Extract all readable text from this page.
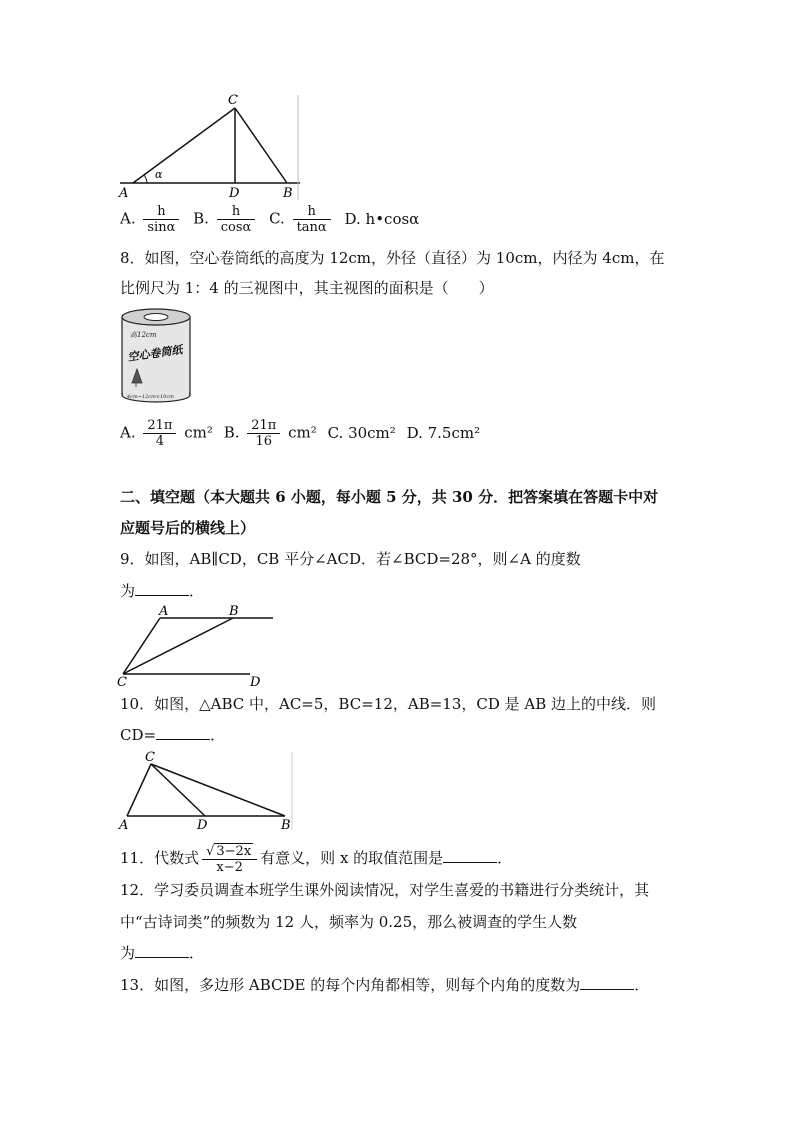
C
A	D	B
α
A. $\frac{h}{\sin\alpha} B$. $\frac{h}{\cos\alpha} C$. $\frac{h}{\tan\alpha} D$. h•cosα
8．如图，空心卷筒纸的高度为 12cm，外径（直径）为 10cm，内径为 4cm，在
比例尺为 1：4 的三视图中，其主视图的面积是（　　）
高12cm
空心卷筒纸
4cm~12cm×10cm
A. $\frac{21\pi}{4} cm^2$ B. $\frac{21\pi}{16} cm^2$ C. 30cm² D. 7.5cm²
二、填空题（本大题共 6 小题，每小题 5 分，共 30 分．把答案填在答题卡中对
应题号后的横线上）
9．如图，AB∥CD，CB 平分∠ACD．若∠BCD=28°，则∠A 的度数
为	．
A	B
C	D
10．如图，△ABC 中，AC=5，BC=12，AB=13，CD 是 AB 边上的中线．则
CD=	．
C
A	D	B
11．代数式 $\frac{√ 3-2x}{x-2}$ 有意义，则 x 的取值范围是	．
12．学习委员调查本班学生课外阅读情况，对学生喜爱的书籍进行分类统计，其
中“古诗词类”的频数为 12 人，频率为 0.25，那么被调查的学生人数
为	．
13．如图，多边形 ABCDE 的每个内角都相等，则每个内角的度数为	．
